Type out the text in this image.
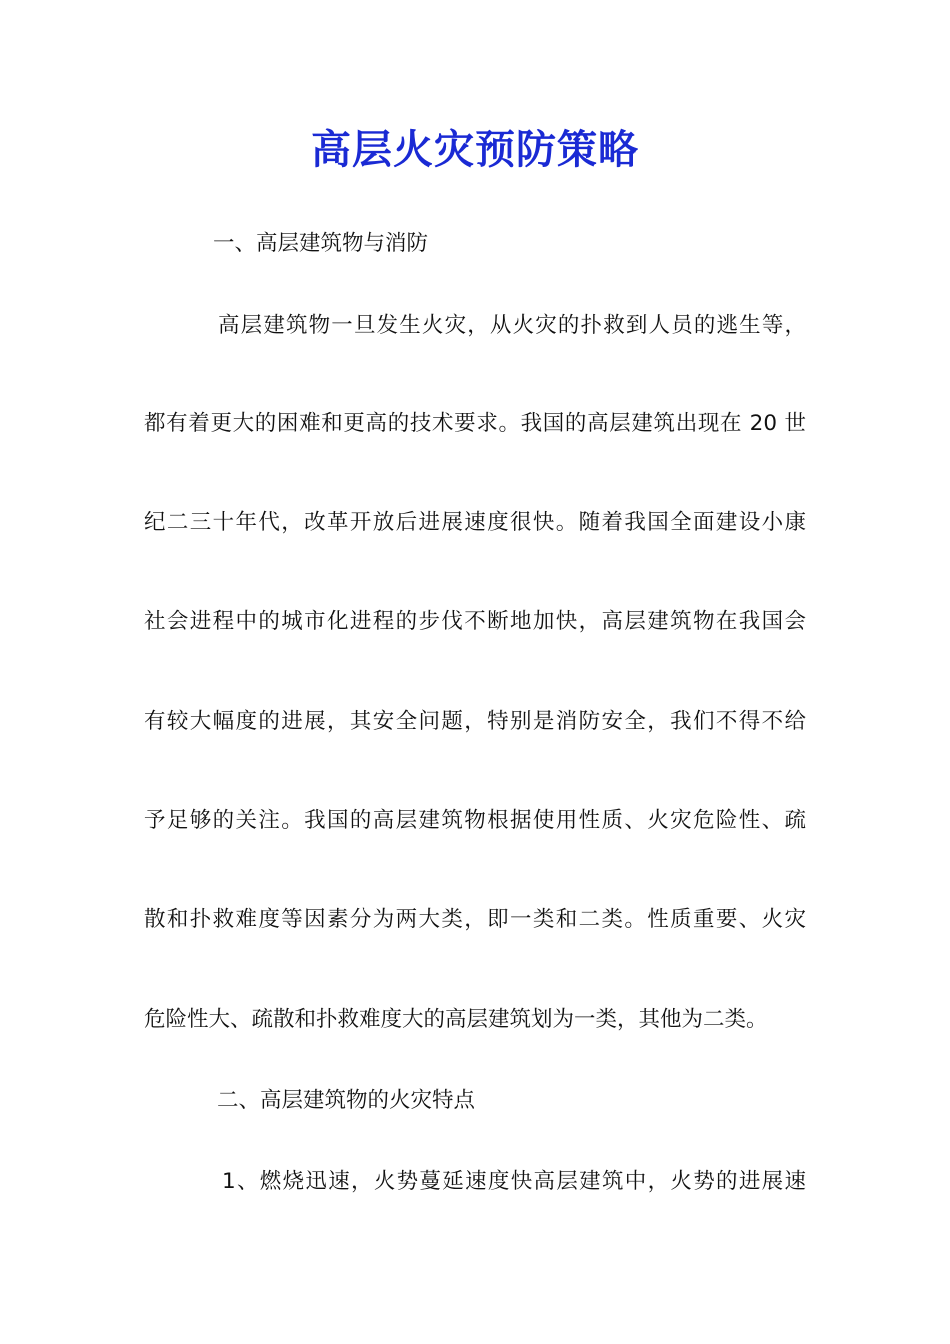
高层火灾预防策略
一、高层建筑物与消防
高层建筑物一旦发生火灾，从火灾的扑救到人员的逃生等，
都有着更大的困难和更高的技术要求。我国的高层建筑出现在 20 世
纪二三十年代，改革开放后进展速度很快。随着我国全面建设小康
社会进程中的城市化进程的步伐不断地加快，高层建筑物在我国会
有较大幅度的进展，其安全问题，特别是消防安全，我们不得不给
予足够的关注。我国的高层建筑物根据使用性质、火灾危险性、疏
散和扑救难度等因素分为两大类，即一类和二类。性质重要、火灾
危险性大、疏散和扑救难度大的高层建筑划为一类，其他为二类。
二、高层建筑物的火灾特点
1、燃烧迅速，火势蔓延速度快高层建筑中，火势的进展速
